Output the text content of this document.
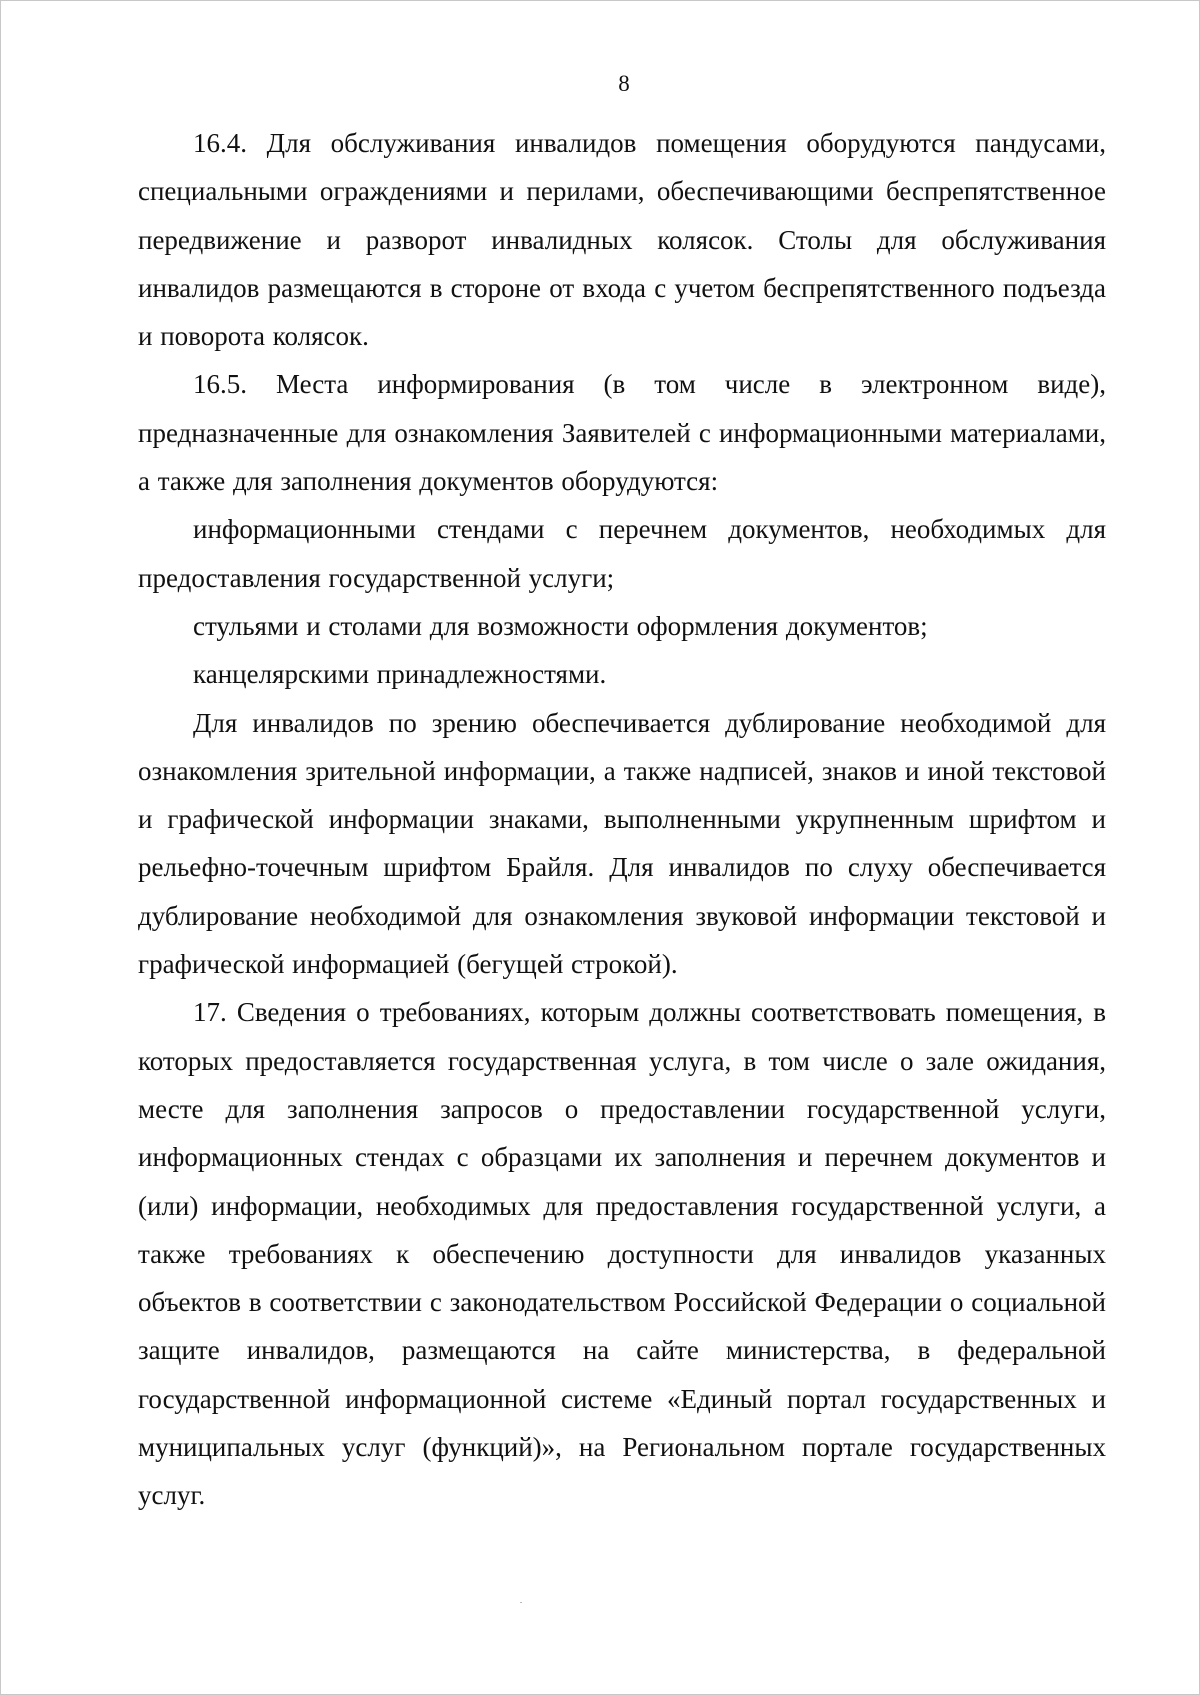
8

16.4. Для обслуживания инвалидов помещения оборудуются пандусами, специальными ограждениями и перилами, обеспечивающими беспрепятственное передвижение и разворот инвалидных колясок. Столы для обслуживания инвалидов размещаются в стороне от входа с учетом беспрепятственного подъезда и поворота колясок.

16.5. Места информирования (в том числе в электронном виде), предназначенные для ознакомления Заявителей с информационными материалами, а также для заполнения документов оборудуются:

информационными стендами с перечнем документов, необходимых для предоставления государственной услуги;

стульями и столами для возможности оформления документов;

канцелярскими принадлежностями.

Для инвалидов по зрению обеспечивается дублирование необходимой для ознакомления зрительной информации, а также надписей, знаков и иной текстовой и графической информации знаками, выполненными укрупненным шрифтом и рельефно-точечным шрифтом Брайля. Для инвалидов по слуху обеспечивается дублирование необходимой для ознакомления звуковой информации текстовой и графической информацией (бегущей строкой).

17. Сведения о требованиях, которым должны соответствовать помещения, в которых предоставляется государственная услуга, в том числе о зале ожидания, месте для заполнения запросов о предоставлении государственной услуги, информационных стендах с образцами их заполнения и перечнем документов и (или) информации, необходимых для предоставления государственной услуги, а также требованиях к обеспечению доступности для инвалидов указанных объектов в соответствии с законодательством Российской Федерации о социальной защите инвалидов, размещаются на сайте министерства, в федеральной государственной информационной системе «Единый портал государственных и муниципальных услуг (функций)», на Региональном портале государственных услуг.
